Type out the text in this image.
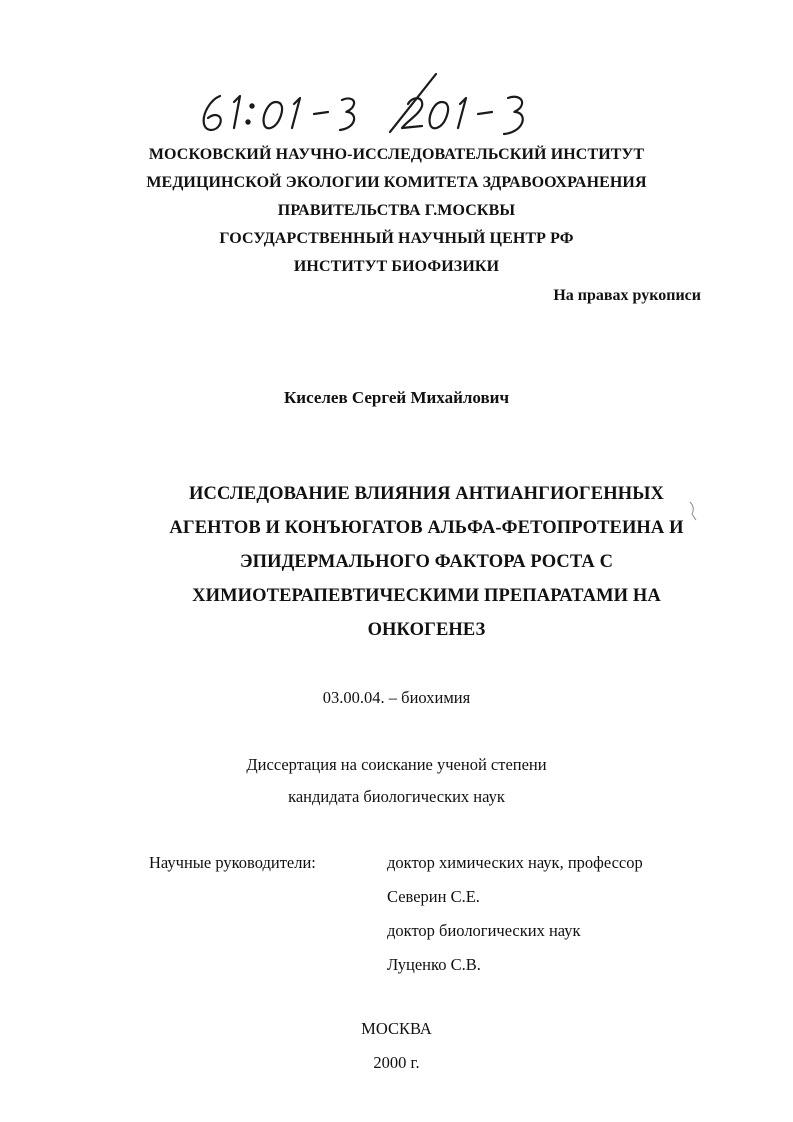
МОСКОВСКИЙ НАУЧНО-ИССЛЕДОВАТЕЛЬСКИЙ ИНСТИТУТ

МЕДИЦИНСКОЙ ЭКОЛОГИИ КОМИТЕТА ЗДРАВООХРАНЕНИЯ

ПРАВИТЕЛЬСТВА Г.МОСКВЫ

ГОСУДАРСТВЕННЫЙ НАУЧНЫЙ ЦЕНТР РФ

ИНСТИТУТ БИОФИЗИКИ

На правах рукописи

Киселев Сергей Михайлович

ИССЛЕДОВАНИЕ ВЛИЯНИЯ АНТИАНГИОГЕННЫХ

АГЕНТОВ И КОНЪЮГАТОВ АЛЬФА-ФЕТОПРОТЕИНА И

ЭПИДЕРМАЛЬНОГО ФАКТОРА РОСТА С

ХИМИОТЕРАПЕВТИЧЕСКИМИ ПРЕПАРАТАМИ НА

ОНКОГЕНЕЗ

03.00.04. – биохимия

Диссертация на соискание ученой степени

кандидата биологических наук

Научные руководители:	доктор химических наук, профессор

Северин С.Е.

доктор биологических наук

Луценко С.В.

МОСКВА

2000 г.
